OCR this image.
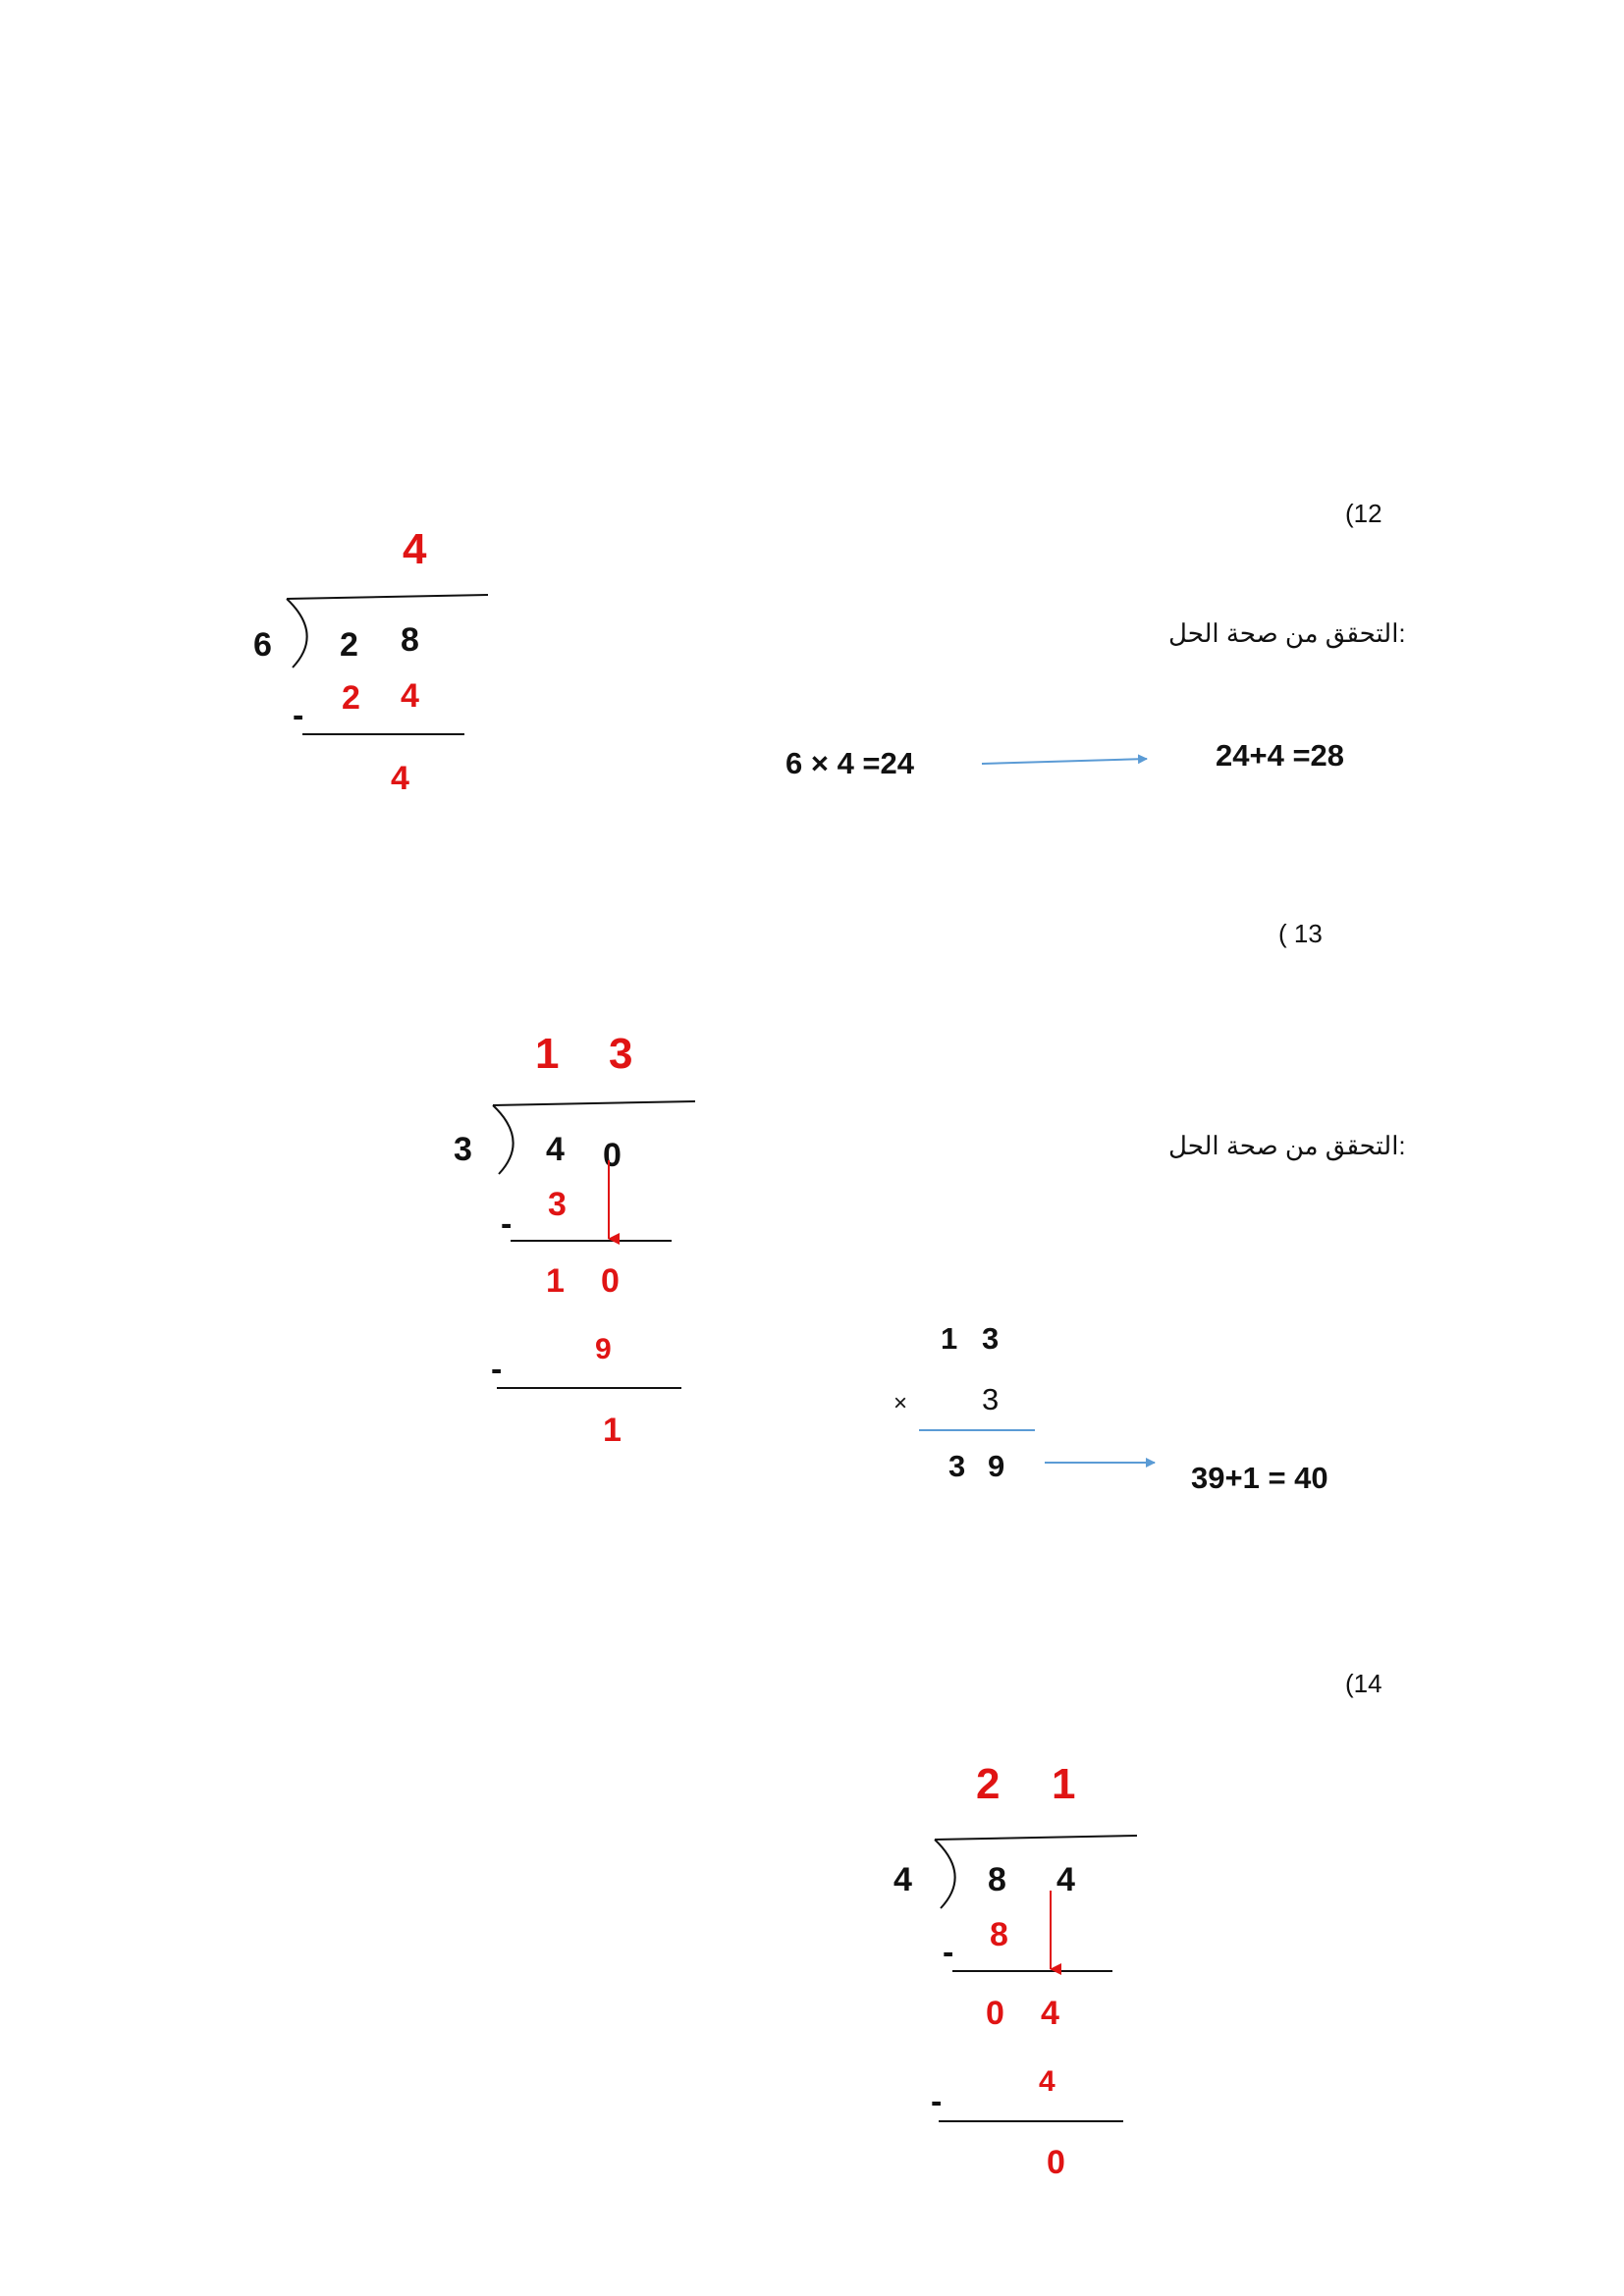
(12
4
6 2 8
- 2 4
4
التحقق من صحة الحل:
6 × 4 =24	24+4 =28
( 13
1 3
3 4 0
-
3
1 0
-
9
1
التحقق من صحة الحل:
1 3
× 3
3 9	39+1 = 40
(14
2 1
4 8 4
- 8
0 4
-
4
0
